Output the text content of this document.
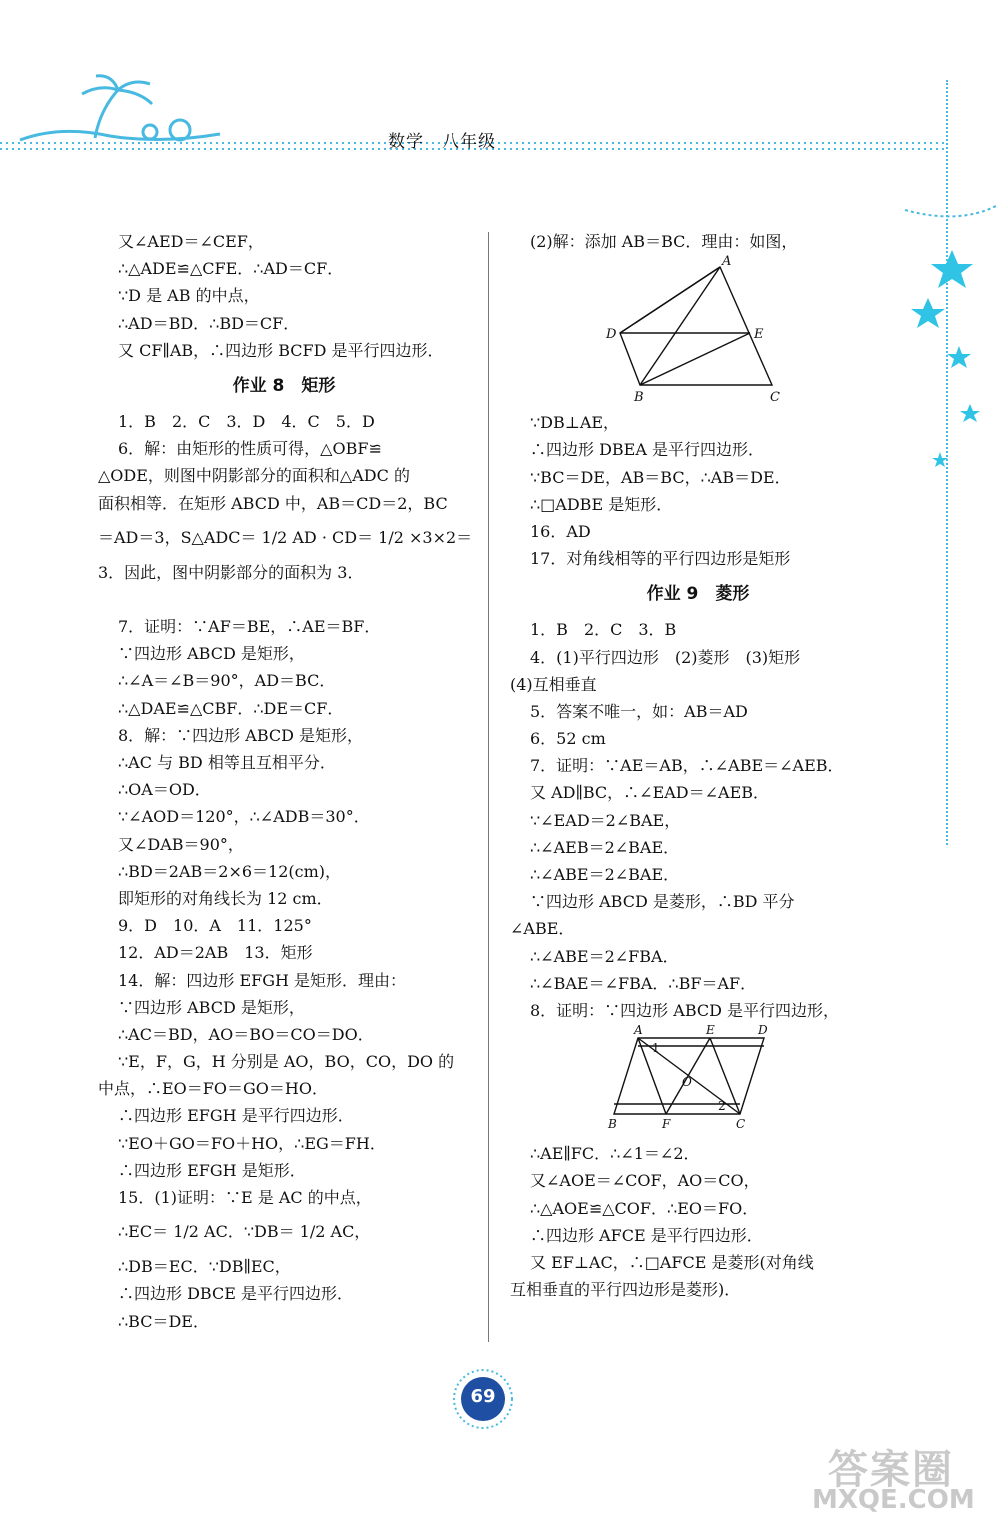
数学　八年级
又∠AED＝∠CEF，
∴△ADE≌△CFE．∴AD＝CF．
∵D 是 AB 的中点，
∴AD＝BD．∴BD＝CF．
又 CF∥AB，∴四边形 BCFD 是平行四边形．
作业 8　矩形
1．B　2．C　3．D　4．C　5．D
6．解：由矩形的性质可得，△OBF≌
△ODE，则图中阴影部分的面积和△ADC 的
面积相等．在矩形 ABCD 中，AB＝CD＝2，BC
＝AD＝3，S△ADC＝ 1/2 AD · CD＝ 1/2 ×3×2＝
3．因此，图中阴影部分的面积为 3．
7．证明：∵AF＝BE，∴AE＝BF．
∵四边形 ABCD 是矩形，
∴∠A＝∠B＝90°，AD＝BC．
∴△DAE≌△CBF．∴DE＝CF．
8．解：∵四边形 ABCD 是矩形，
∴AC 与 BD 相等且互相平分．
∴OA＝OD．
∵∠AOD＝120°，∴∠ADB＝30°．
又∠DAB＝90°，
∴BD＝2AB＝2×6＝12(cm)，
即矩形的对角线长为 12 cm．
9．D　10．A　11．125°
12．AD＝2AB　13．矩形
14．解：四边形 EFGH 是矩形．理由：
∵四边形 ABCD 是矩形，
∴AC＝BD，AO＝BO＝CO＝DO．
∵E，F，G，H 分别是 AO，BO，CO，DO 的
中点，∴EO＝FO＝GO＝HO．
∴四边形 EFGH 是平行四边形．
∵EO＋GO＝FO＋HO，∴EG＝FH．
∴四边形 EFGH 是矩形．
15．(1)证明：∵E 是 AC 的中点，
∴EC＝ 1/2 AC．∵DB＝ 1/2 AC，
∴DB＝EC．∵DB∥EC，
∴四边形 DBCE 是平行四边形．
∴BC＝DE．
(2)解：添加 AB＝BC．理由：如图，
A
D	E
B	C
∵DB⊥AE，
∴四边形 DBEA 是平行四边形．
∵BC＝DE，AB＝BC，∴AB＝DE．
∴□ADBE 是矩形．
16．AD
17．对角线相等的平行四边形是矩形
作业 9　菱形
1．B　2．C　3．B
4．(1)平行四边形　(2)菱形　(3)矩形
(4)互相垂直
5．答案不唯一，如：AB＝AD
6．52 cm
7．证明：∵AE＝AB，∴∠ABE＝∠AEB．
又 AD∥BC，∴∠EAD＝∠AEB．
∵∠EAD＝2∠BAE，
∴∠AEB＝2∠BAE．
∴∠ABE＝2∠BAE．
∵四边形 ABCD 是菱形，∴BD 平分
∠ABE．
∴∠ABE＝2∠FBA．
∴∠BAE＝∠FBA．∴BF＝AF．
8．证明：∵四边形 ABCD 是平行四边形，
A	E	D
B	F	C
O
1
2
∴AE∥FC．∴∠1＝∠2．
又∠AOE＝∠COF，AO＝CO，
∴△AOE≌△COF．∴EO＝FO．
∴四边形 AFCE 是平行四边形．
又 EF⊥AC，∴□AFCE 是菱形(对角线
互相垂直的平行四边形是菱形)．
69
答案圈
MXQE.COM
